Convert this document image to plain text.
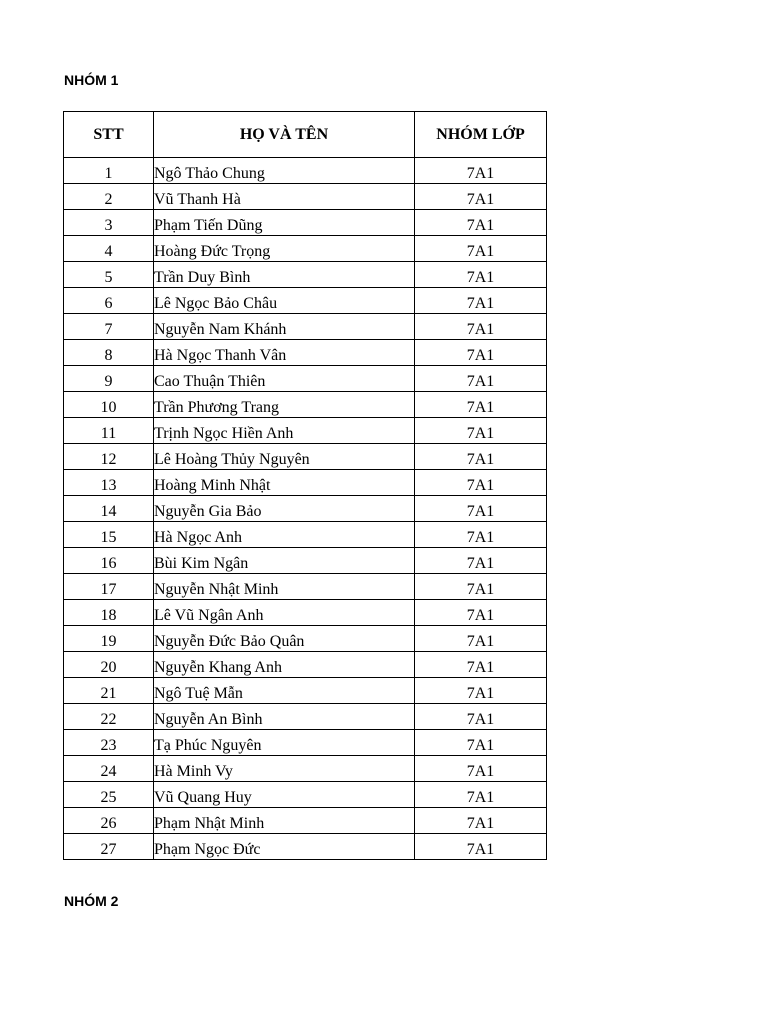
NHÓM 1
STT	HỌ VÀ TÊN	NHÓM LỚP
1	Ngô Thảo Chung	7A1
2	Vũ Thanh Hà	7A1
3	Phạm Tiến Dũng	7A1
4	Hoàng Đức Trọng	7A1
5	Trần Duy Bình	7A1
6	Lê Ngọc Bảo Châu	7A1
7	Nguyễn Nam Khánh	7A1
8	Hà Ngọc Thanh Vân	7A1
9	Cao Thuận Thiên	7A1
10	Trần Phương Trang	7A1
11	Trịnh Ngọc Hiền Anh	7A1
12	Lê Hoàng Thủy Nguyên	7A1
13	Hoàng Minh Nhật	7A1
14	Nguyễn Gia Bảo	7A1
15	Hà Ngọc Anh	7A1
16	Bùi Kim Ngân	7A1
17	Nguyễn Nhật Minh	7A1
18	Lê Vũ Ngân Anh	7A1
19	Nguyễn Đức Bảo Quân	7A1
20	Nguyễn Khang Anh	7A1
21	Ngô Tuệ Mẫn	7A1
22	Nguyễn An Bình	7A1
23	Tạ Phúc Nguyên	7A1
24	Hà Minh Vy	7A1
25	Vũ Quang Huy	7A1
26	Phạm Nhật Minh	7A1
27	Phạm Ngọc Đức	7A1
NHÓM 2
